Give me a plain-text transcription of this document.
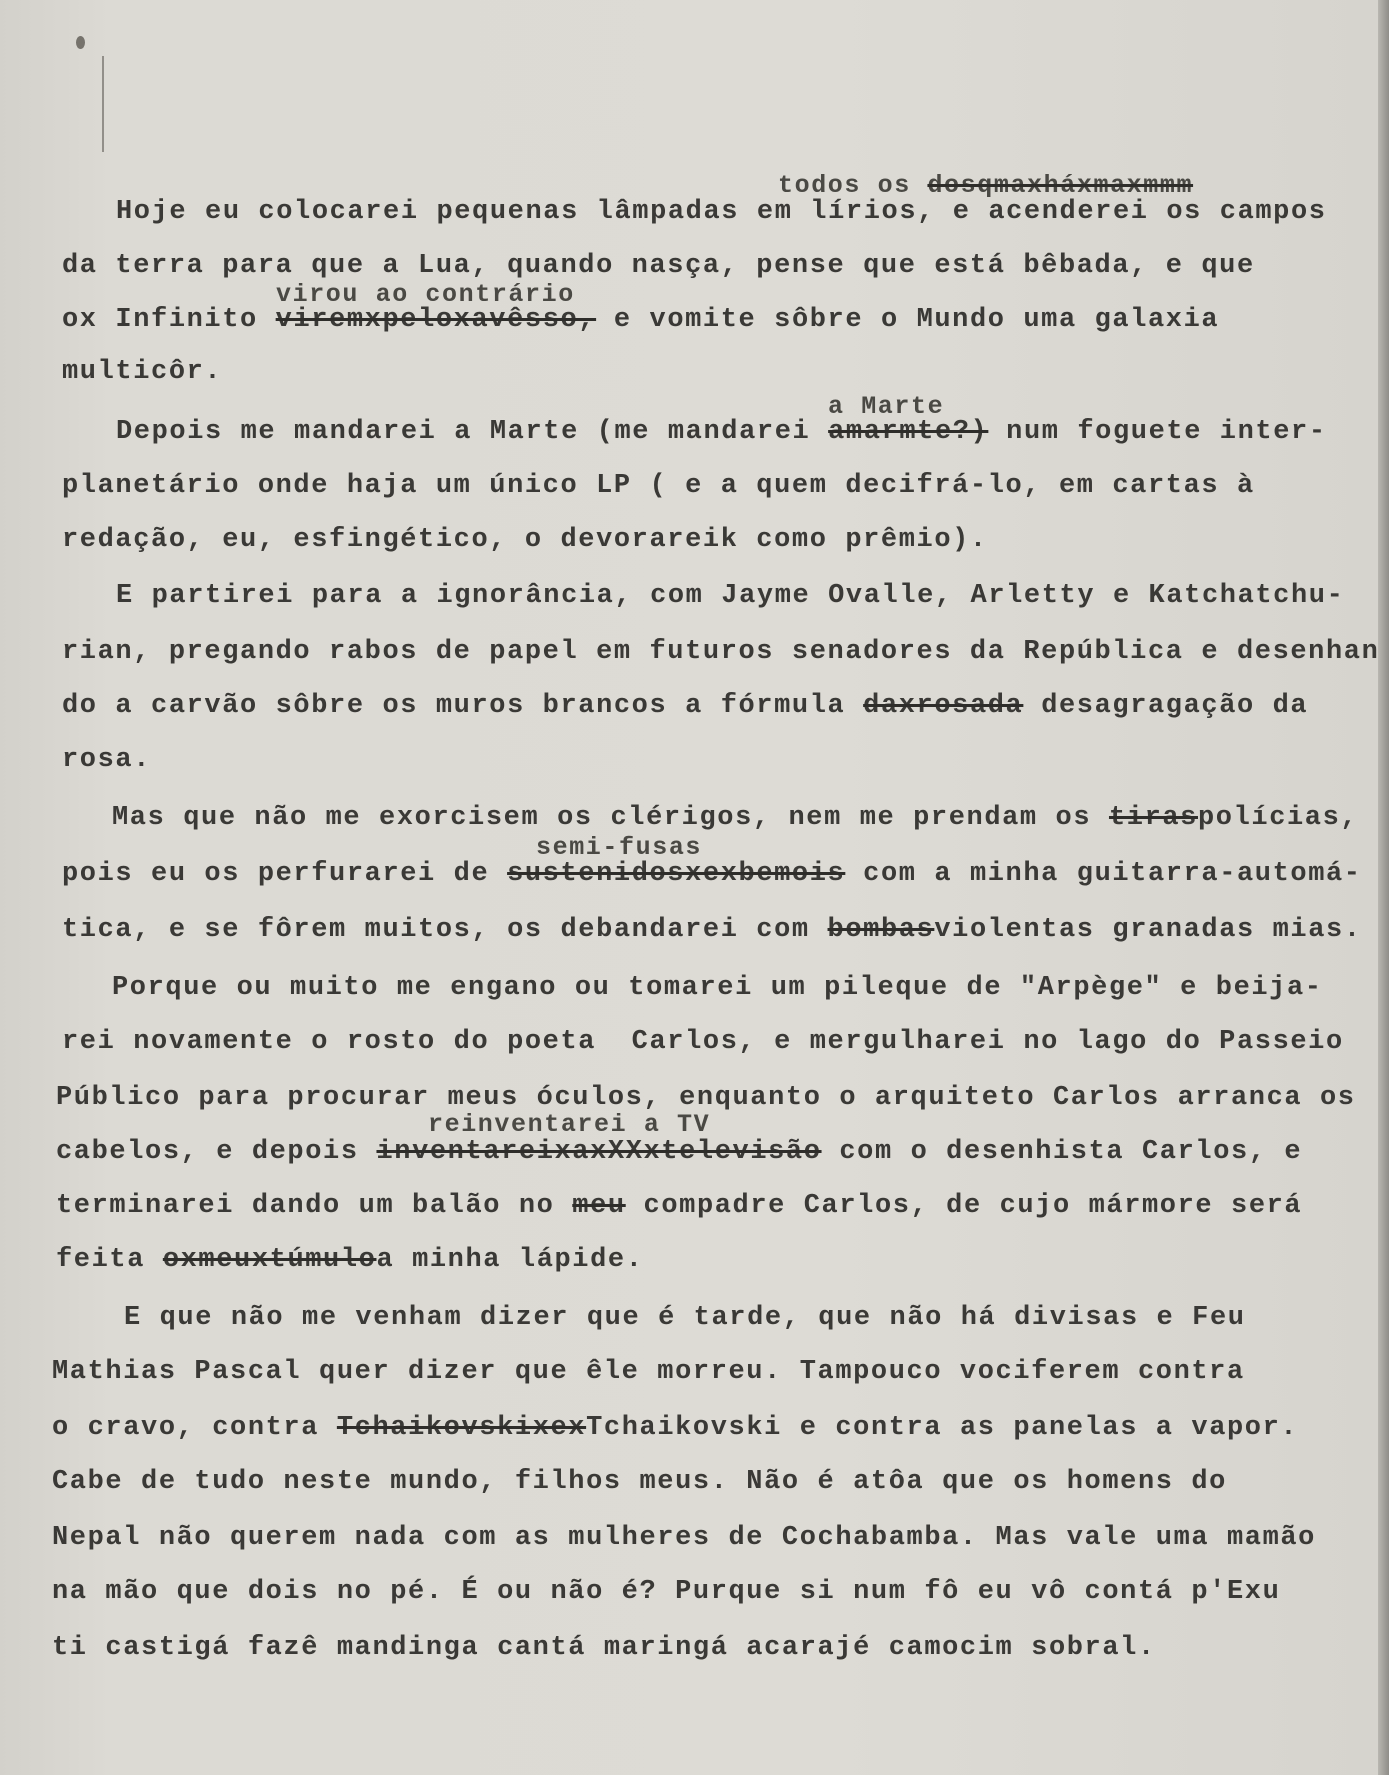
todos os dosqmaxháxmaxmmm
Hoje eu colocarei pequenas lâmpadas em lírios, e acenderei os campos
da terra para que a Lua, quando nasça, pense que está bêbada, e que
virou ao contrário
ox Infinito viremxpeloxavêsso, e vomite sôbre o Mundo uma galaxia
multicôr.
a Marte
Depois me mandarei a Marte (me mandarei amarmte?) num foguete inter-
planetário onde haja um único LP ( e a quem decifrá-lo, em cartas à
redação, eu, esfingético, o devorareik como prêmio).
E partirei para a ignorância, com Jayme Ovalle, Arletty e Katchatchu-
rian, pregando rabos de papel em futuros senadores da República e desenhan
do a carvão sôbre os muros brancos a fórmula daxrosada desagragação da
rosa.
Mas que não me exorcisem os clérigos, nem me prendam os tiraspolícias,
semi-fusas
pois eu os perfurarei de sustenidosxexbemois com a minha guitarra-automá-
tica, e se fôrem muitos, os debandarei com bombasviolentas granadas mias.
Porque ou muito me engano ou tomarei um pileque de "Arpège" e beija-
rei novamente o rosto do poeta  Carlos, e mergulharei no lago do Passeio
Público para procurar meus óculos, enquanto o arquiteto Carlos arranca os
reinventarei a TV
cabelos, e depois inventareixaxXXxtelevisão com o desenhista Carlos, e
terminarei dando um balão no meu compadre Carlos, de cujo mármore será
feita oxmeuxtúmuloa minha lápide.
E que não me venham dizer que é tarde, que não há divisas e Feu
Mathias Pascal quer dizer que êle morreu. Tampouco vociferem contra
o cravo, contra TchaikovskixexTchaikovski e contra as panelas a vapor.
Cabe de tudo neste mundo, filhos meus. Não é atôa que os homens do
Nepal não querem nada com as mulheres de Cochabamba. Mas vale uma mamão
na mão que dois no pé. É ou não é? Purque si num fô eu vô contá p'Exu
ti castigá fazê mandinga cantá maringá acarajé camocim sobral.
